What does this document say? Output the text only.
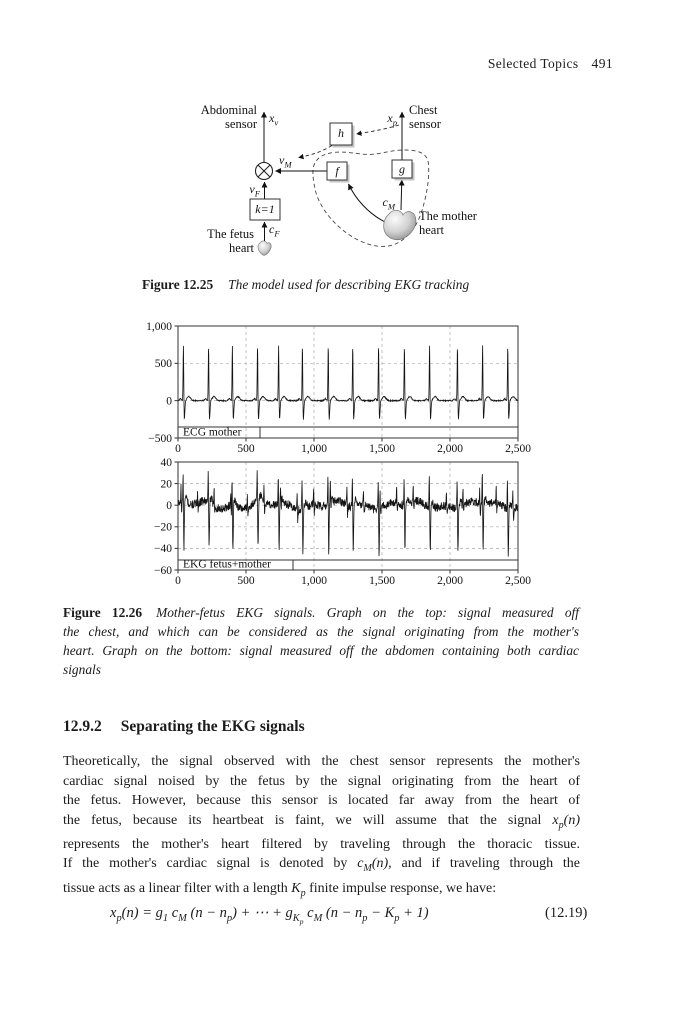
Selected Topics 491
Abdominal
sensor $x_v$
Chest
sensor
$x_p$
$v_M$
$v_F$
$c_F$
$c_M$
The mother
heart
The fetus
heart
h
f	g
k=1
Figure 12.25 The model used for describing EKG tracking
ECG mother
0	500	1,000	1,500	2,000	2,500
1,000
500
0
−500
EKG fetus+mother
0	500	1,000	1,500	2,000	2,500
40
20
0
−20
−40
−60
Figure 12.26 Mother-fetus EKG signals. Graph on the top: signal measured off
the chest, and which can be considered as the signal originating from the mother's
heart. Graph on the bottom: signal measured off the abdomen containing both cardiac
signals
12.9.2 Separating the EKG signals
Theoretically, the signal observed with the chest sensor represents the mother's
cardiac signal noised by the fetus by the signal originating from the heart of
the fetus. However, because this sensor is located far away from the heart of
the fetus, because its heartbeat is faint, we will assume that the signal $x_p(n)$
represents the mother's heart filtered by traveling through the thoracic tissue.
If the mother's cardiac signal is denoted by $c_M(n)$, and if traveling through the
tissue acts as a linear filter with a length $K_p$ finite impulse response, we have:
$x_p(n) = g_1$ $c_M$ $(n - n_p)$ + ⋯ + $g_{K_p}$ $c_M$ $(n - n_p - K_p + 1)$	(12.19)
